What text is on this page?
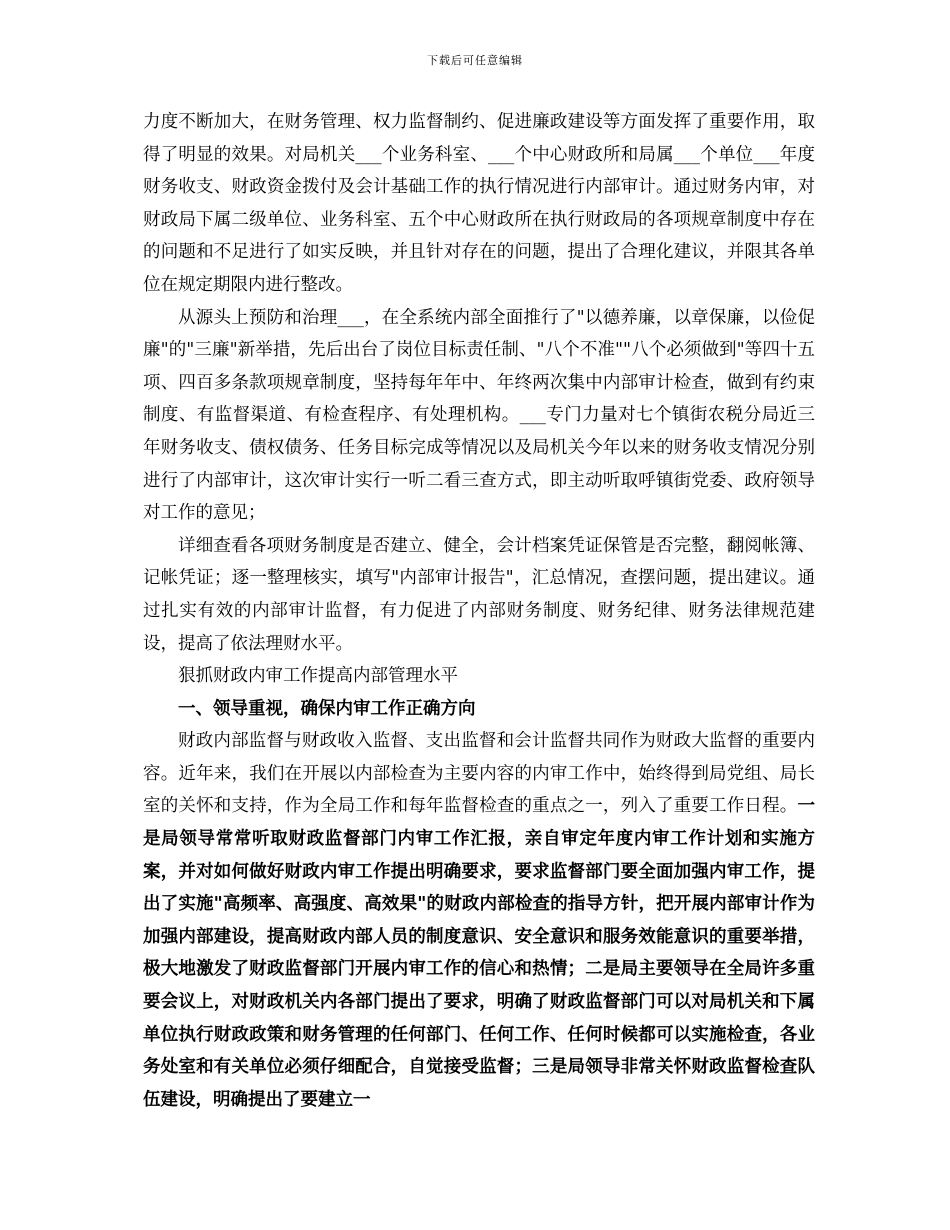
下载后可任意编辑

力度不断加大，在财务管理、权力监督制约、促进廉政建设等方面发挥了重要作用，取得了明显的效果。对局机关___个业务科室、___个中心财政所和局属___个单位___年度财务收支、财政资金拨付及会计基础工作的执行情况进行内部审计。通过财务内审，对财政局下属二级单位、业务科室、五个中心财政所在执行财政局的各项规章制度中存在的问题和不足进行了如实反映，并且针对存在的问题，提出了合理化建议，并限其各单位在规定期限内进行整改。

从源头上预防和治理___，在全系统内部全面推行了"以德养廉，以章保廉，以俭促廉"的"三廉"新举措，先后出台了岗位目标责任制、"八个不准""八个必须做到"等四十五项、四百多条款项规章制度，坚持每年年中、年终两次集中内部审计检查，做到有约束制度、有监督渠道、有检查程序、有处理机构。___专门力量对七个镇街农税分局近三年财务收支、债权债务、任务目标完成等情况以及局机关今年以来的财务收支情况分别进行了内部审计，这次审计实行一听二看三查方式，即主动听取呼镇街党委、政府领导对工作的意见；

详细查看各项财务制度是否建立、健全，会计档案凭证保管是否完整，翻阅帐簿、记帐凭证；逐一整理核实，填写"内部审计报告"，汇总情况，查摆问题，提出建议。通过扎实有效的内部审计监督，有力促进了内部财务制度、财务纪律、财务法律规范建设，提高了依法理财水平。

狠抓财政内审工作提高内部管理水平

一、领导重视，确保内审工作正确方向

财政内部监督与财政收入监督、支出监督和会计监督共同作为财政大监督的重要内容。近年来，我们在开展以内部检查为主要内容的内审工作中，始终得到局党组、局长室的关怀和支持，作为全局工作和每年监督检查的重点之一，列入了重要工作日程。一是局领导常常听取财政监督部门内审工作汇报，亲自审定年度内审工作计划和实施方案，并对如何做好财政内审工作提出明确要求，要求监督部门要全面加强内审工作，提出了实施"高频率、高强度、高效果"的财政内部检查的指导方针，把开展内部审计作为加强内部建设，提高财政内部人员的制度意识、安全意识和服务效能意识的重要举措，极大地激发了财政监督部门开展内审工作的信心和热情；二是局主要领导在全局许多重要会议上，对财政机关内各部门提出了要求，明确了财政监督部门可以对局机关和下属单位执行财政政策和财务管理的任何部门、任何工作、任何时候都可以实施检查，各业务处室和有关单位必须仔细配合，自觉接受监督；三是局领导非常关怀财政监督检查队伍建设，明确提出了要建立一
